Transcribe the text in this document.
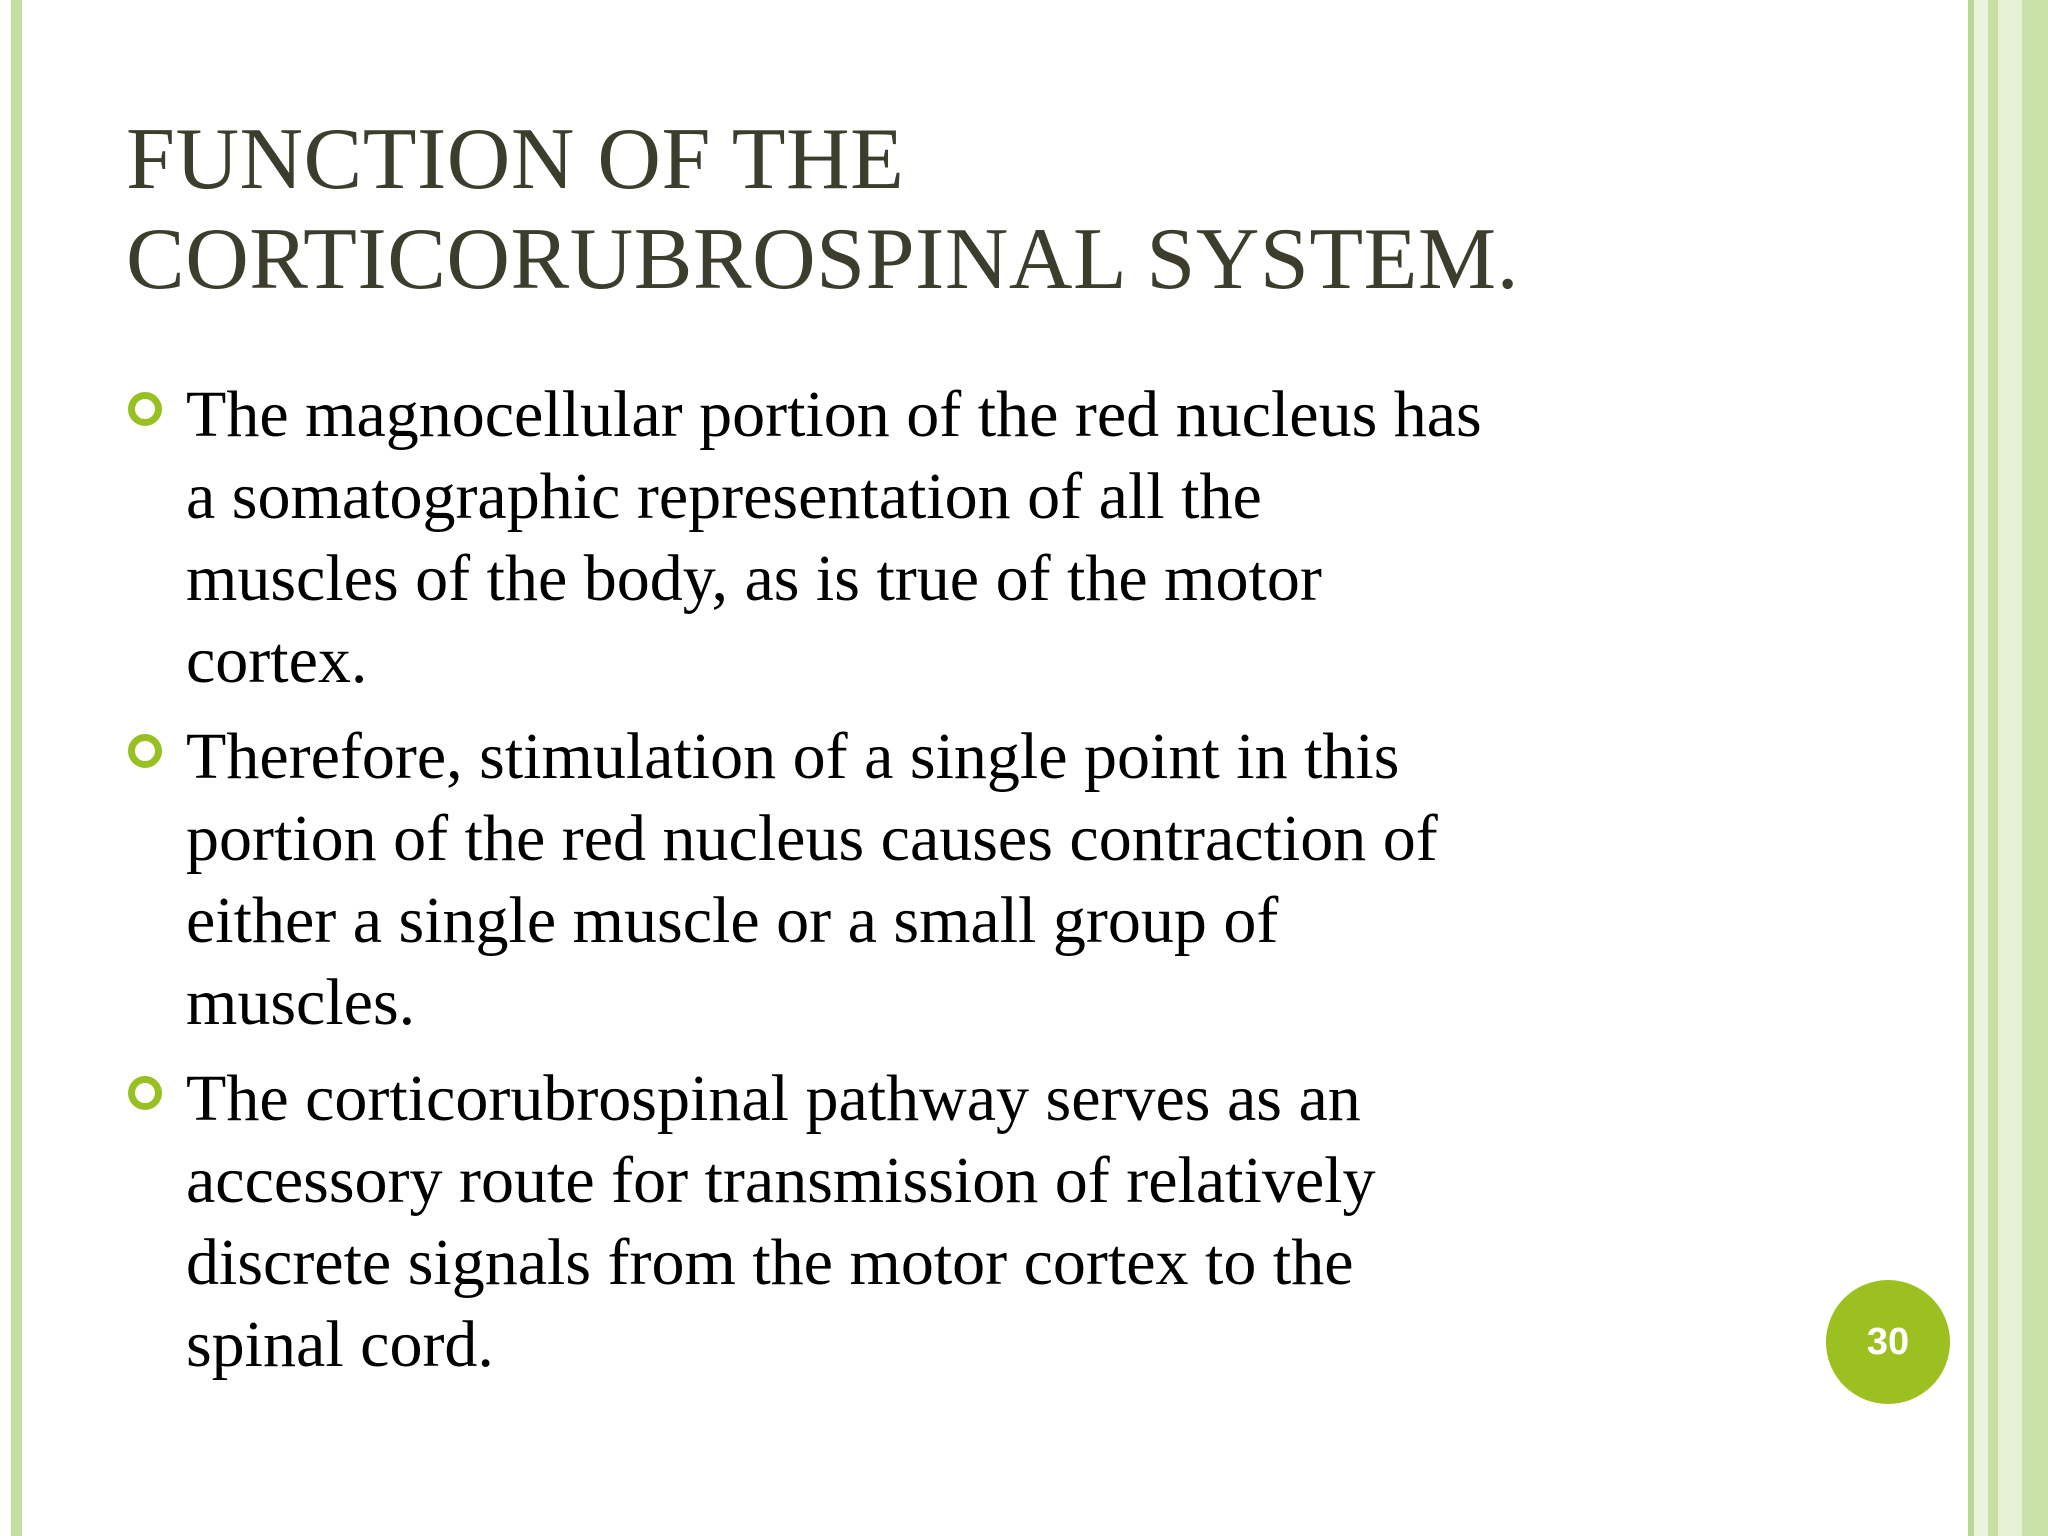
FUNCTION OF THE
CORTICORUBROSPINAL SYSTEM.
The magnocellular portion of the red nucleus has
a somatographic representation of all the
muscles of the body, as is true of the motor
cortex.
Therefore, stimulation of a single point in this
portion of the red nucleus causes contraction of
either a single muscle or a small group of
muscles.
The corticorubrospinal pathway serves as an
accessory route for transmission of relatively
discrete signals from the motor cortex to the
spinal cord.	30
